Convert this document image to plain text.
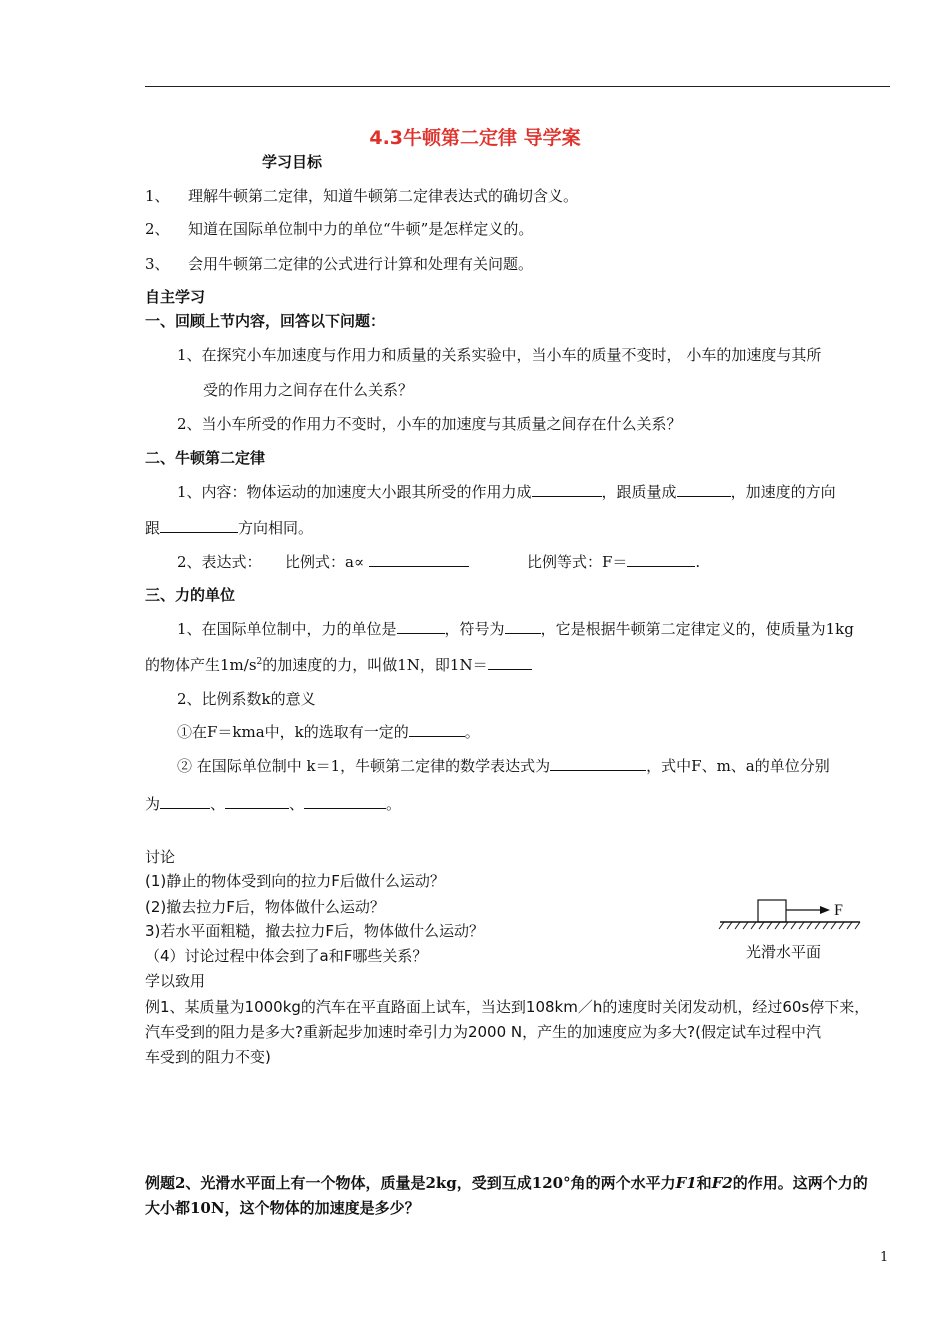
4.3牛顿第二定律 导学案
学习目标
1、 理解牛顿第二定律，知道牛顿第二定律表达式的确切含义。
2、 知道在国际单位制中力的单位“牛顿”是怎样定义的。
3、 会用牛顿第二定律的公式进行计算和处理有关问题。
自主学习
一、回顾上节内容，回答以下问题：
1、在探究小车加速度与作用力和质量的关系实验中，当小车的质量不变时， 小车的加速度与其所
受的作用力之间存在什么关系？
2、当小车所受的作用力不变时，小车的加速度与其质量之间存在什么关系？
二、牛顿第二定律
1、内容：物体运动的加速度大小跟其所受的作用力成	，跟质量成	，加速度的方向
跟	方向相同。
2、表达式： 比例式：a∝	比例等式：F＝	.
三、力的单位
1、在国际单位制中，力的单位是	，符号为 ，它是根据牛顿第二定律定义的，使质量为1kg
的物体产生$1m/s^2$的加速度的力，叫做1N，即1N＝
2、比例系数k的意义
①在F＝kma中，k的选取有一定的	。
② 在国际单位制中 k＝1，牛顿第二定律的数学表达式为	，式中F、m、a的单位分别
为	、	、	。
讨论
(1)静止的物体受到向的拉力F后做什么运动？
(2)撤去拉力F后，物体做什么运动？
3)若水平面粗糙，撤去拉力F后，物体做什么运动？
（4）讨论过程中体会到了a和F哪些关系？
F
光滑水平面
学以致用
例1、某质量为1000kg的汽车在平直路面上试车，当达到108km／h的速度时关闭发动机，经过60s停下来，
汽车受到的阻力是多大?重新起步加速时牵引力为2000 N，产生的加速度应为多大?(假定试车过程中汽
车受到的阻力不变)
例题2、光滑水平面上有一个物体，质量是2kg，受到互成120°角的两个水平力F1和F2的作用。这两个力的
大小都10N，这个物体的加速度是多少？
1
